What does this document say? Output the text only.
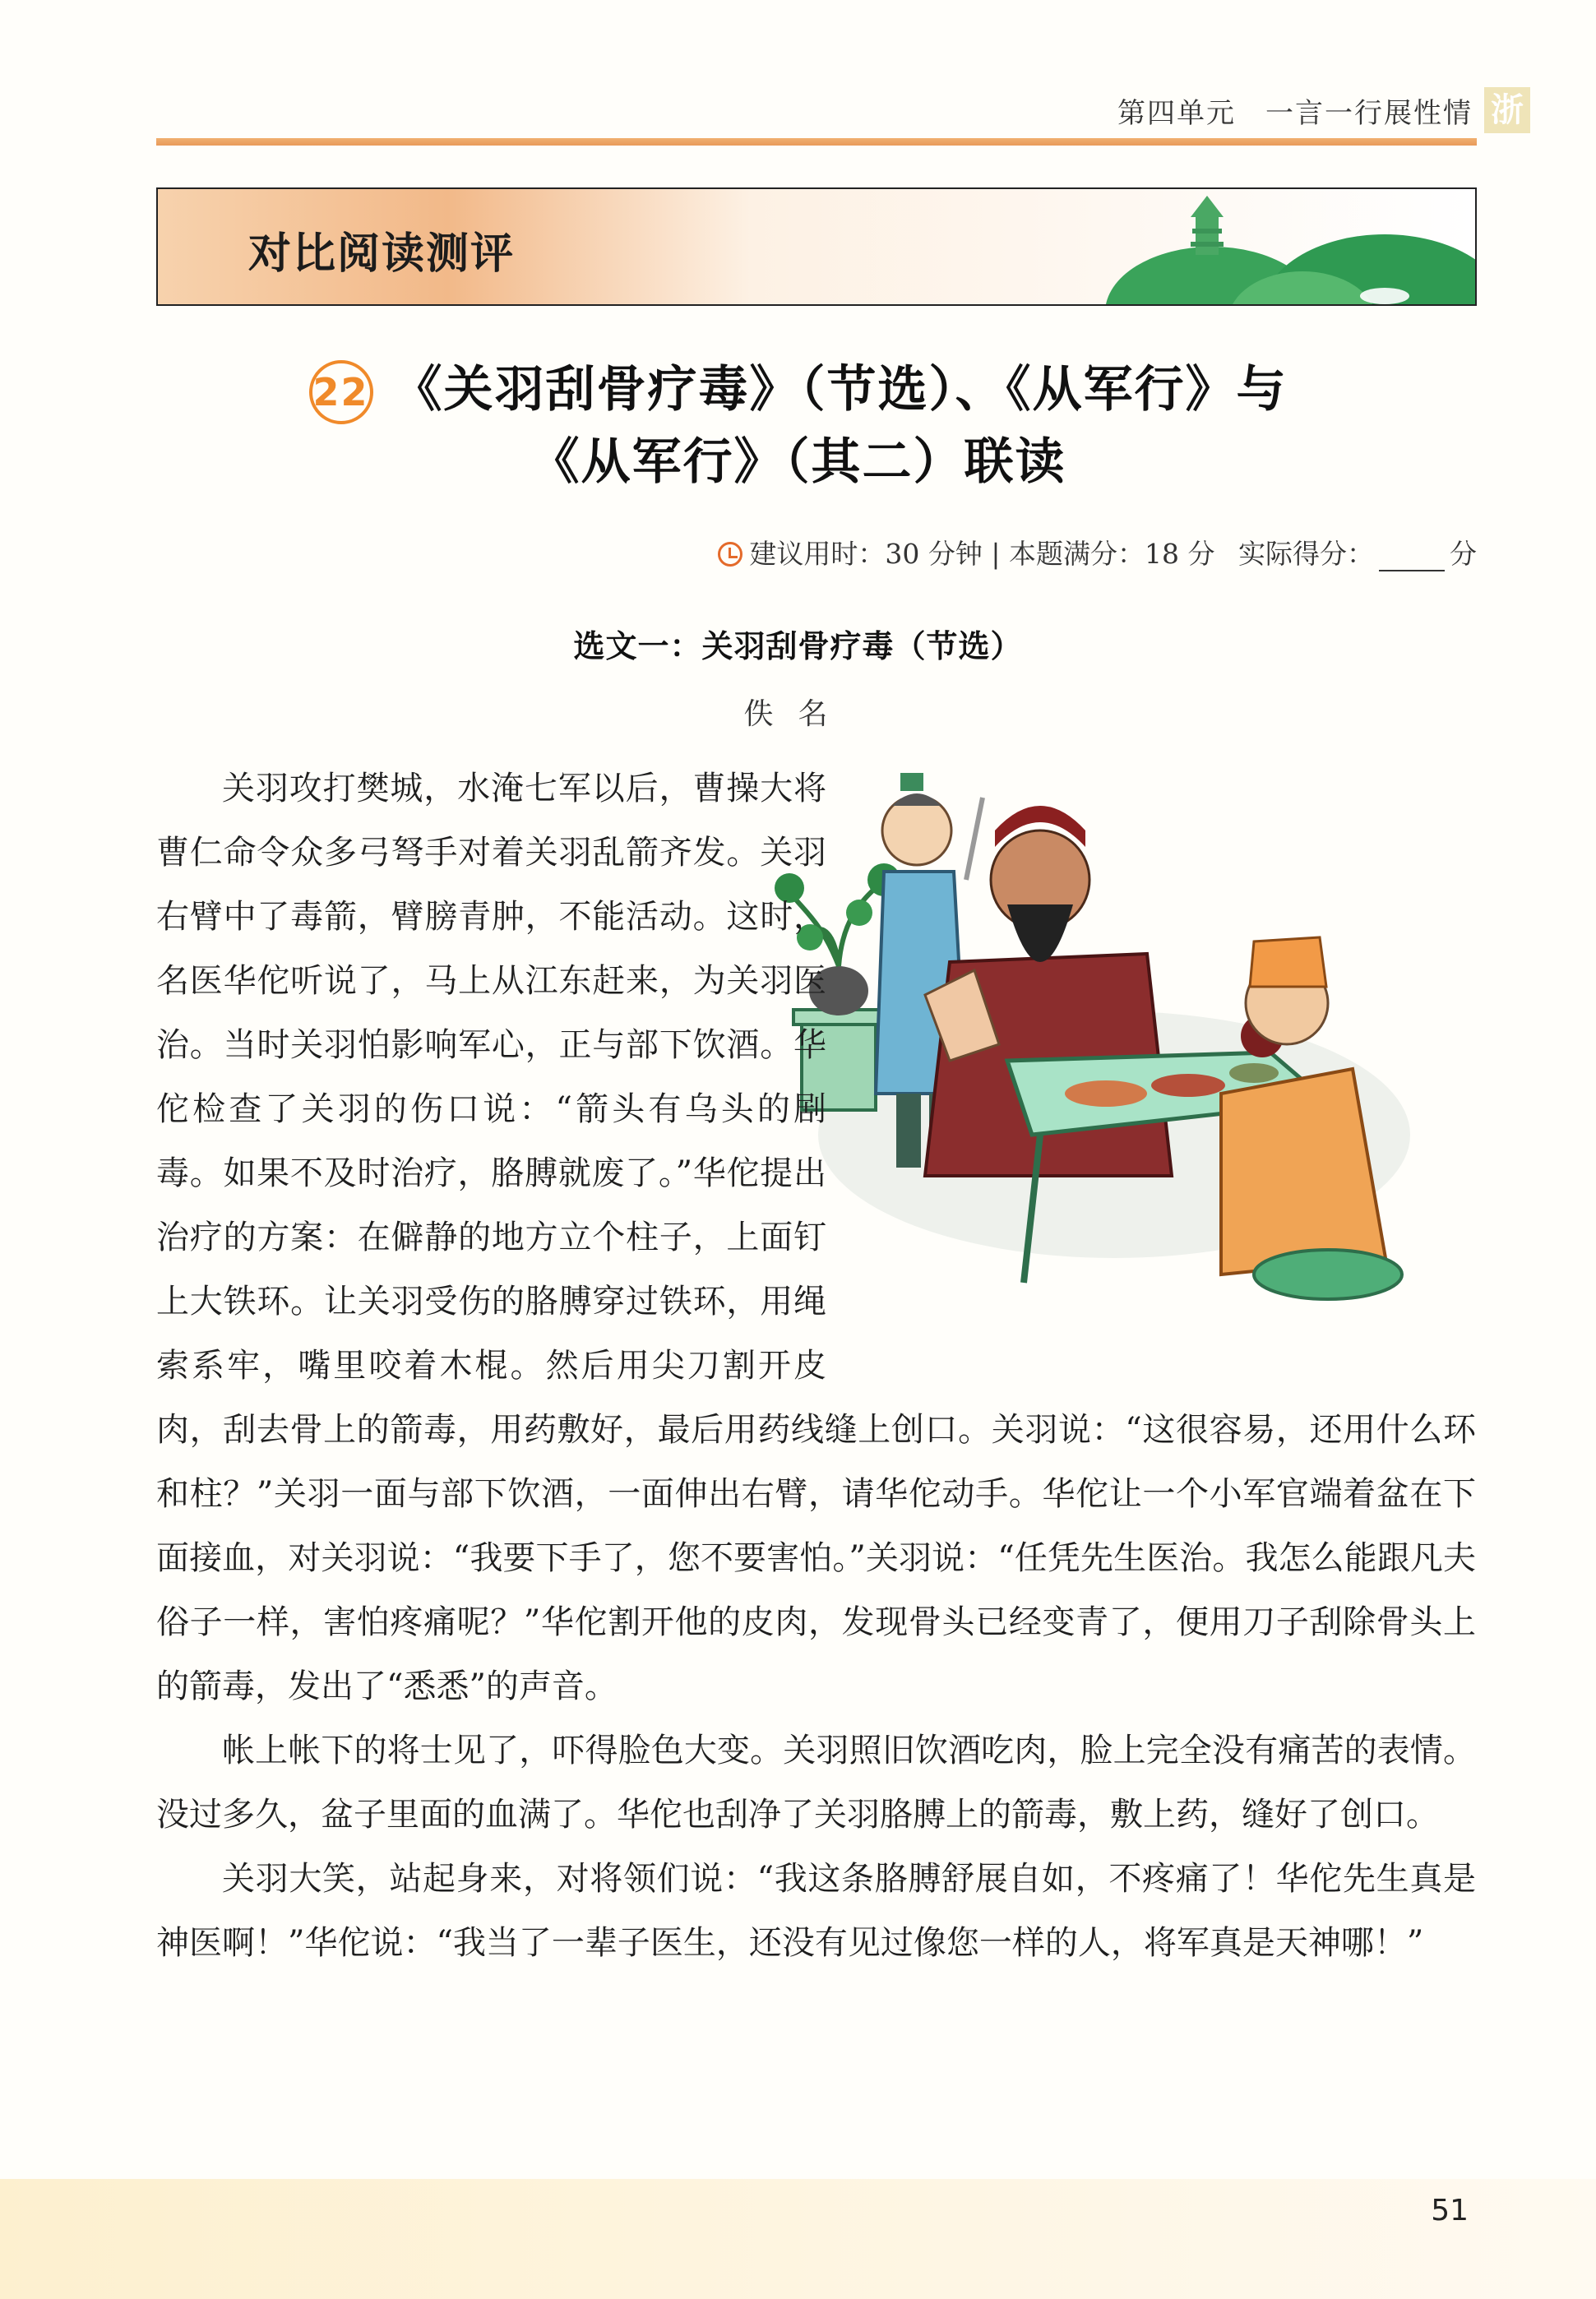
第四单元　一言一行展性情 浙
对比阅读测评
22 《关羽刮骨疗毒》（节选）、《从军行》与
《从军行》（其二）联读
建议用时：30 分钟 | 本题满分：18 分 实际得分：	分
选文一：关羽刮骨疗毒（节选）
佚名

关羽攻打樊城，水淹七军以后，曹操大将曹仁命令众多弓弩手对着关羽乱箭齐发。关羽右臂中了毒箭，臂膀青肿，不能活动。这时，名医华佗听说了，马上从江东赶来，为关羽医治。当时关羽怕影响军心，正与部下饮酒。华佗检查了关羽的伤口说：“箭头有乌头的剧毒。如果不及时治疗，胳膊就废了。”华佗提出治疗的方案：在僻静的地方立个柱子，上面钉上大铁环。让关羽受伤的胳膊穿过铁环，用绳索系牢，嘴里咬着木棍。然后用尖刀割开皮肉，刮去骨上的箭毒，用药敷好，最后用药线缝上创口。关羽说：“这很容易，还用什么环和柱？”关羽一面与部下饮酒，一面伸出右臂，请华佗动手。华佗让一个小军官端着盆在下面接血，对关羽说：“我要下手了，您不要害怕。”关羽说：“任凭先生医治。我怎么能跟凡夫俗子一样，害怕疼痛呢？”华佗割开他的皮肉，发现骨头已经变青了，便用刀子刮除骨头上的箭毒，发出了“悉悉”的声音。

帐上帐下的将士见了，吓得脸色大变。关羽照旧饮酒吃肉，脸上完全没有痛苦的表情。没过多久，盆子里面的血满了。华佗也刮净了关羽胳膊上的箭毒，敷上药，缝好了创口。

关羽大笑，站起身来，对将领们说：“我这条胳膊舒展自如，不疼痛了！华佗先生真是神医啊！”华佗说：“我当了一辈子医生，还没有见过像您一样的人，将军真是天神哪！”

51
